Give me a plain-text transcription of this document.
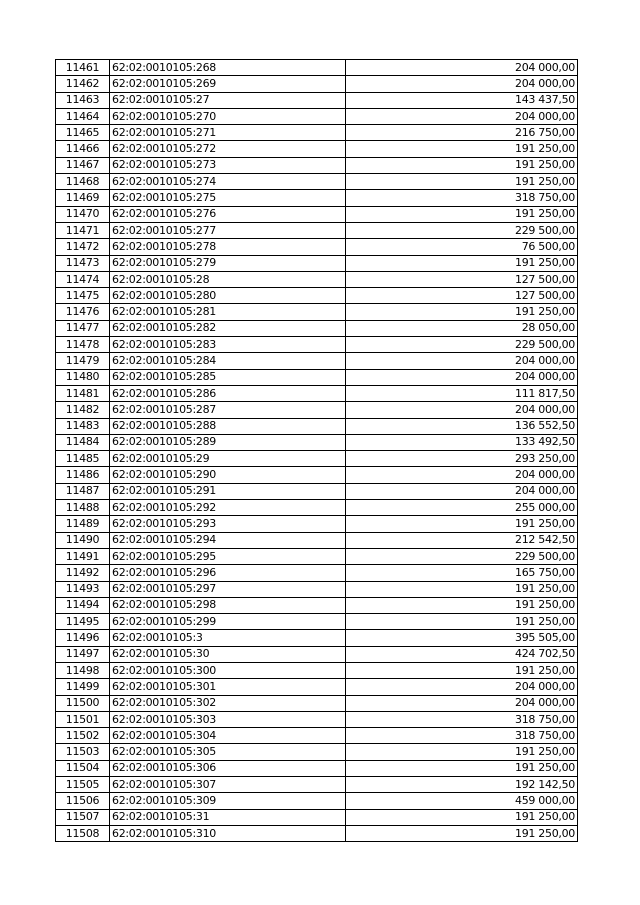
11461	62:02:0010105:268	204 000,00
11462	62:02:0010105:269	204 000,00
11463	62:02:0010105:27	143 437,50
11464	62:02:0010105:270	204 000,00
11465	62:02:0010105:271	216 750,00
11466	62:02:0010105:272	191 250,00
11467	62:02:0010105:273	191 250,00
11468	62:02:0010105:274	191 250,00
11469	62:02:0010105:275	318 750,00
11470	62:02:0010105:276	191 250,00
11471	62:02:0010105:277	229 500,00
11472	62:02:0010105:278	76 500,00
11473	62:02:0010105:279	191 250,00
11474	62:02:0010105:28	127 500,00
11475	62:02:0010105:280	127 500,00
11476	62:02:0010105:281	191 250,00
11477	62:02:0010105:282	28 050,00
11478	62:02:0010105:283	229 500,00
11479	62:02:0010105:284	204 000,00
11480	62:02:0010105:285	204 000,00
11481	62:02:0010105:286	111 817,50
11482	62:02:0010105:287	204 000,00
11483	62:02:0010105:288	136 552,50
11484	62:02:0010105:289	133 492,50
11485	62:02:0010105:29	293 250,00
11486	62:02:0010105:290	204 000,00
11487	62:02:0010105:291	204 000,00
11488	62:02:0010105:292	255 000,00
11489	62:02:0010105:293	191 250,00
11490	62:02:0010105:294	212 542,50
11491	62:02:0010105:295	229 500,00
11492	62:02:0010105:296	165 750,00
11493	62:02:0010105:297	191 250,00
11494	62:02:0010105:298	191 250,00
11495	62:02:0010105:299	191 250,00
11496	62:02:0010105:3	395 505,00
11497	62:02:0010105:30	424 702,50
11498	62:02:0010105:300	191 250,00
11499	62:02:0010105:301	204 000,00
11500	62:02:0010105:302	204 000,00
11501	62:02:0010105:303	318 750,00
11502	62:02:0010105:304	318 750,00
11503	62:02:0010105:305	191 250,00
11504	62:02:0010105:306	191 250,00
11505	62:02:0010105:307	192 142,50
11506	62:02:0010105:309	459 000,00
11507	62:02:0010105:31	191 250,00
11508	62:02:0010105:310	191 250,00
